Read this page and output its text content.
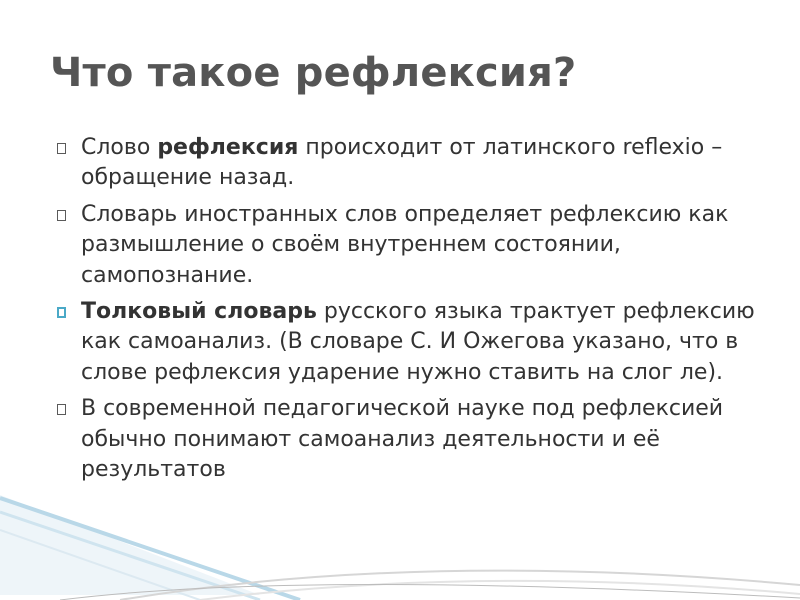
Что такое рефлексия?
Слово рефлексия происходит от латинского reflexio – обращение назад.
Словарь иностранных слов определяет рефлексию как размышление о своём внутреннем состоянии, самопознание.
Толковый словарь русского языка трактует рефлексию как самоанализ. (В словаре С. И Ожегова указано, что в слове рефлексия ударение нужно ставить на слог ле).
В современной педагогической науке под рефлексией обычно понимают самоанализ деятельности и её результатов
